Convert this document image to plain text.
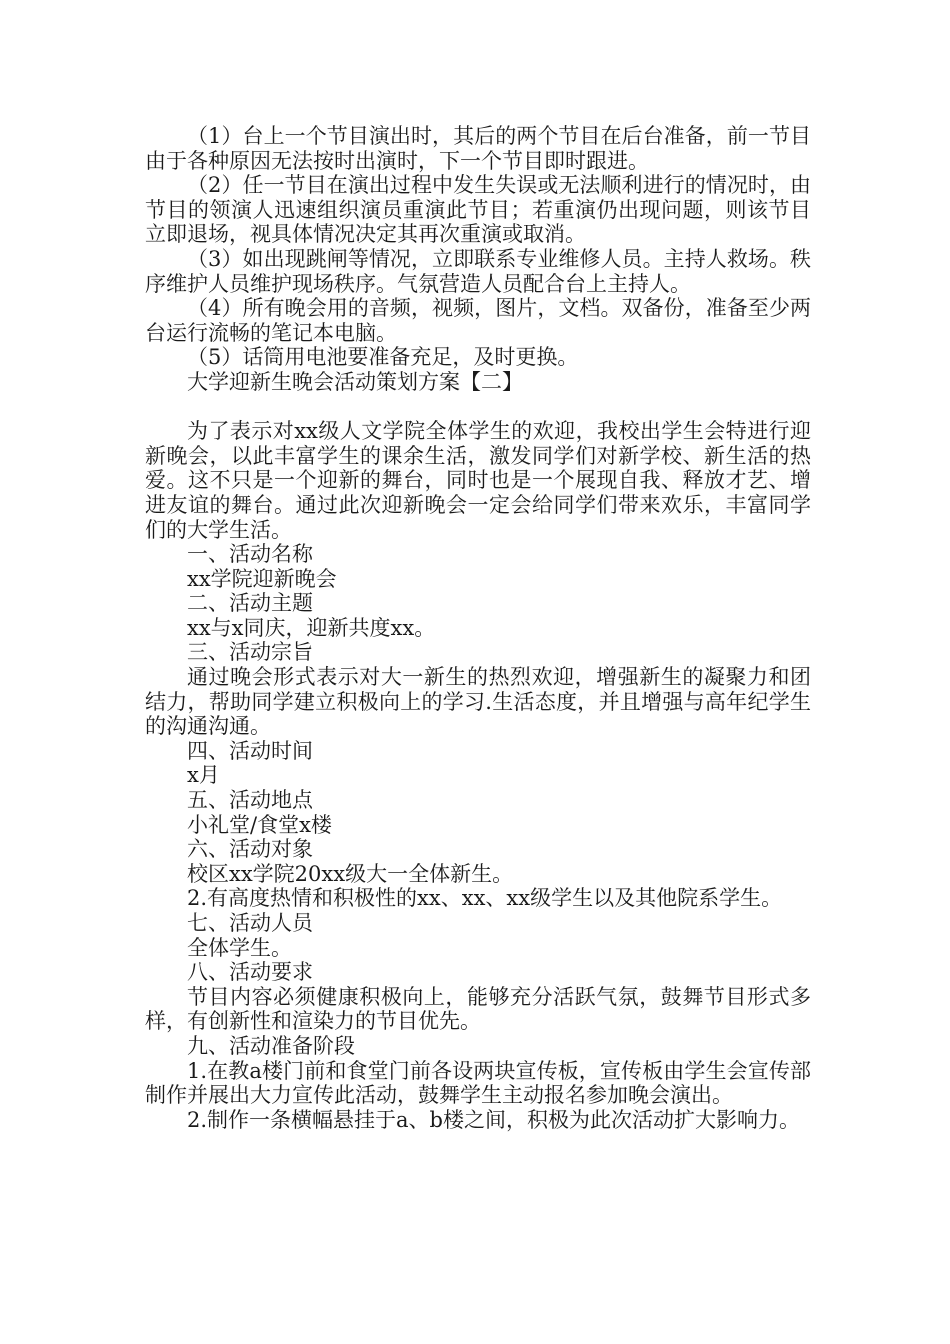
（1）台上一个节目演出时，其后的两个节目在后台准备，前一节目由于各种原因无法按时出演时，下一个节目即时跟进。

（2）任一节目在演出过程中发生失误或无法顺利进行的情况时，由节目的领演人迅速组织演员重演此节目；若重演仍出现问题，则该节目立即退场，视具体情况决定其再次重演或取消。

（3）如出现跳闸等情况，立即联系专业维修人员。主持人救场。秩序维护人员维护现场秩序。气氛营造人员配合台上主持人。

（4）所有晚会用的音频，视频，图片，文档。双备份，准备至少两台运行流畅的笔记本电脑。

（5）话筒用电池要准备充足，及时更换。

大学迎新生晚会活动策划方案【二】

为了表示对xx级人文学院全体学生的欢迎，我校出学生会特进行迎新晚会，以此丰富学生的课余生活，激发同学们对新学校、新生活的热爱。这不只是一个迎新的舞台，同时也是一个展现自我、释放才艺、增进友谊的舞台。通过此次迎新晚会一定会给同学们带来欢乐，丰富同学们的大学生活。

一、活动名称

xx学院迎新晚会

二、活动主题

xx与x同庆，迎新共度xx。

三、活动宗旨

通过晚会形式表示对大一新生的热烈欢迎，增强新生的凝聚力和团结力，帮助同学建立积极向上的学习.生活态度，并且增强与高年纪学生的沟通沟通。

四、活动时间

x月

五、活动地点

小礼堂/食堂x楼

六、活动对象

校区xx学院20xx级大一全体新生。

2.有高度热情和积极性的xx、xx、xx级学生以及其他院系学生。

七、活动人员

全体学生。

八、活动要求

节目内容必须健康积极向上，能够充分活跃气氛，鼓舞节目形式多样，有创新性和渲染力的节目优先。

九、活动准备阶段

1.在教a楼门前和食堂门前各设两块宣传板，宣传板由学生会宣传部制作并展出大力宣传此活动，鼓舞学生主动报名参加晚会演出。

2.制作一条横幅悬挂于a、b楼之间，积极为此次活动扩大影响力。
